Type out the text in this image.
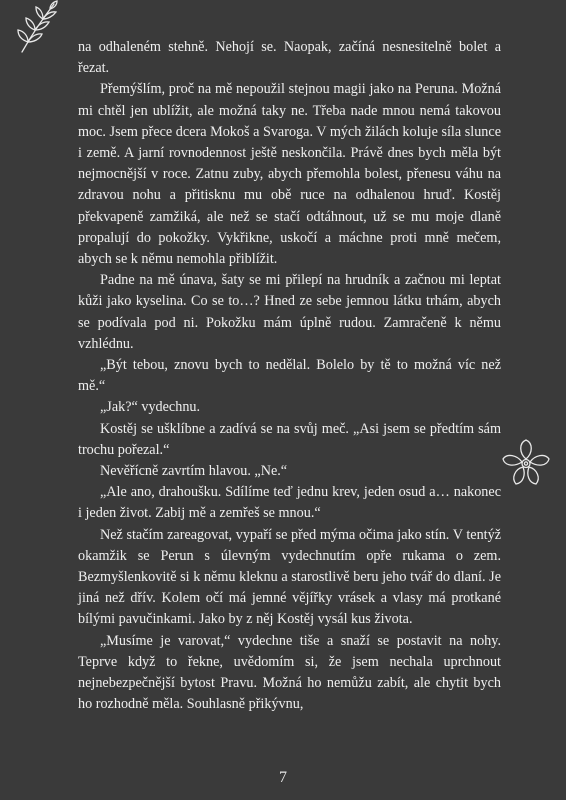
na odhaleném stehně. Nehojí se. Naopak, začíná nesnesitelně bolet a řezat.

Přemýšlím, proč na mě nepoužil stejnou magii jako na Peruna. Možná mi chtěl jen ublížit, ale možná taky ne. Třeba nade mnou nemá takovou moc. Jsem přece dcera Mokoš a Svaroga. V mých žilách koluje síla slunce i země. A jarní rovnodennost ještě neskončila. Právě dnes bych měla být nejmocnější v roce. Zatnu zuby, abych přemohla bolest, přenesu váhu na zdravou nohu a přitisknu mu obě ruce na odhalenou hruď. Kostěj překvapeně zamžiká, ale než se stačí odtáhnout, už se mu moje dlaně propalují do pokožky. Vykřikne, uskočí a máchne proti mně mečem, abych se k němu nemohla přiblížit.

Padne na mě únava, šaty se mi přilepí na hrudník a začnou mi leptat kůži jako kyselina. Co se to…? Hned ze sebe jemnou látku trhám, abych se podívala pod ni. Pokožku mám úplně rudou. Zamračeně k němu vzhlédnu.

„Být tebou, znovu bych to nedělal. Bolelo by tě to možná víc než mě.“

„Jak?“ vydechnu.

Kostěj se ušklíbne a zadívá se na svůj meč. „Asi jsem se předtím sám trochu pořezal.“

Nevěřícně zavrtím hlavou. „Ne.“

„Ale ano, drahoušku. Sdílíme teď jednu krev, jeden osud a… nakonec i jeden život. Zabij mě a zemřeš se mnou.“

Než stačím zareagovat, vypaří se před mýma očima jako stín. V tentýž okamžik se Perun s úlevným vydechnutím opře rukama o zem. Bezmyšlenkovitě si k němu kleknu a starostlivě beru jeho tvář do dlaní. Je jiná než dřív. Kolem očí má jemné vějířky vrásek a vlasy má protkané bílými pavučinkami. Jako by z něj Kostěj vysál kus života.

„Musíme je varovat,“ vydechne tiše a snaží se postavit na nohy. Teprve když to řekne, uvědomím si, že jsem nechala uprchnout nejnebezpečnější bytost Pravu. Možná ho nemůžu zabít, ale chytit bych ho rozhodně měla. Souhlasně přikývnu,

7
